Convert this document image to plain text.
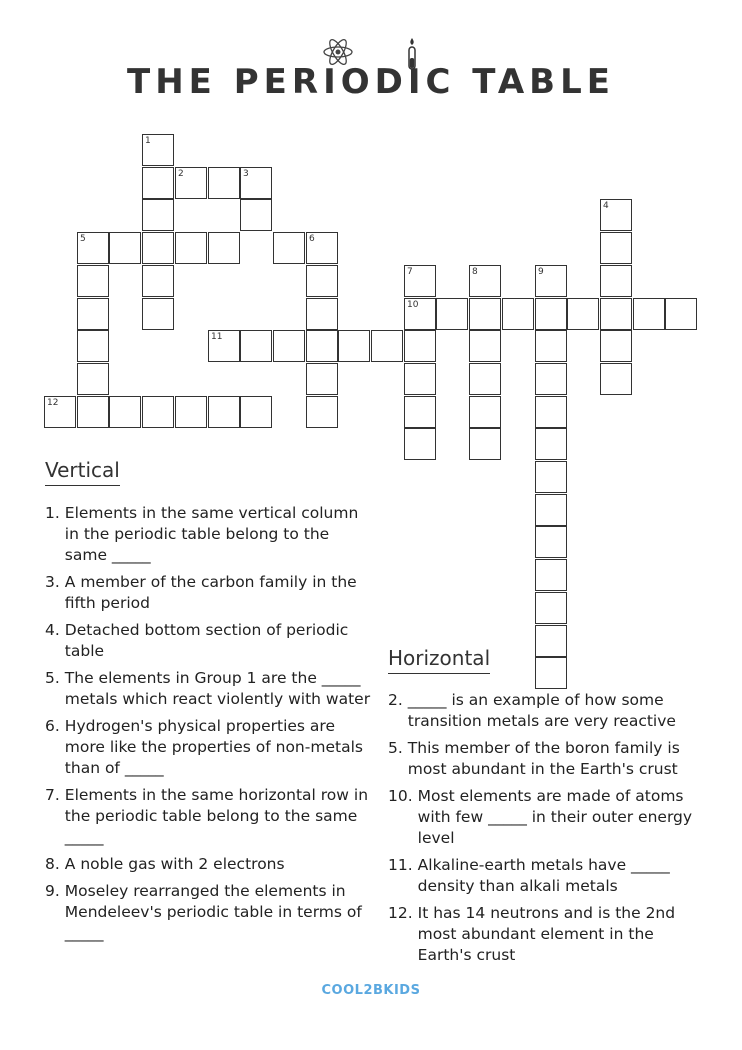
THE PERIODIC TABLE
1
2	3
5	6
12
11
7
10
8	9
4
Vertical
1. Elements in the same vertical column in the periodic table belong to the same _____
3. A member of the carbon family in the fifth period
4. Detached bottom section of periodic table
5. The elements in Group 1 are the _____ metals which react violently with water
6. Hydrogen's physical properties are more like the properties of non-metals than of _____
7. Elements in the same horizontal row in the periodic table belong to the same _____
8. A noble gas with 2 electrons
9. Moseley rearranged the elements in Mendeleev's periodic table in terms of _____
Horizontal
2. _____ is an example of how some transition metals are very reactive
5. This member of the boron family is most abundant in the Earth's crust
10. Most elements are made of atoms with few _____ in their outer energy level
11. Alkaline-earth metals have _____ density than alkali metals
12. It has 14 neutrons and is the 2nd most abundant element in the Earth's crust
COOL2BKIDS
